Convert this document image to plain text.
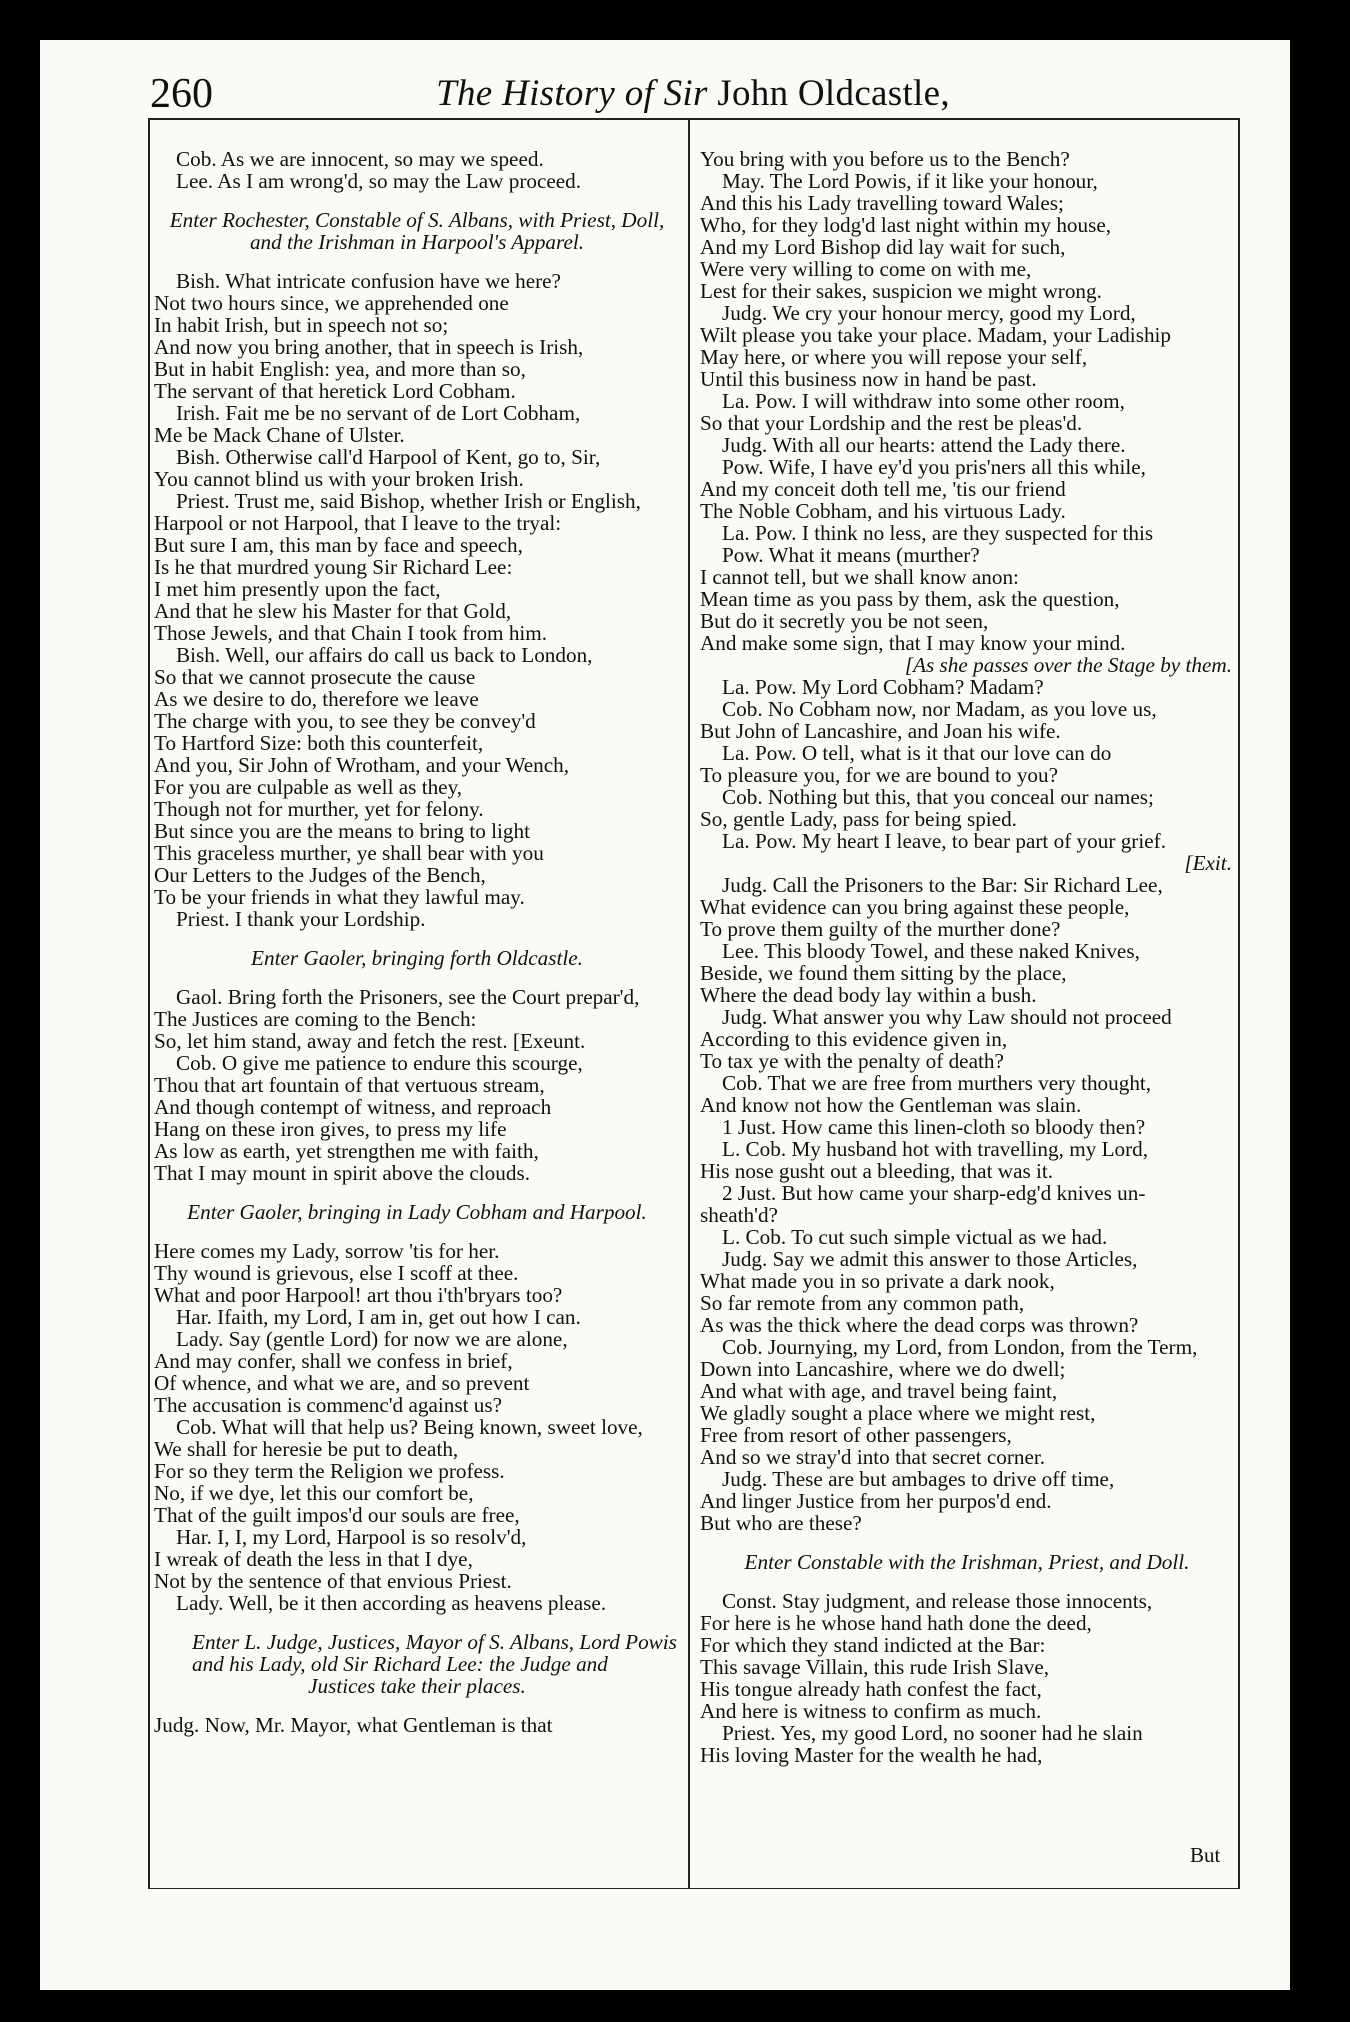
260	The History of Sir John Oldcastle,
Cob. As we are innocent, so may we speed.
Lee. As I am wrong'd, so may the Law proceed.
Enter Rochester, Constable of S. Albans, with Priest, Doll,
and the Irishman in Harpool's Apparel.
Bish. What intricate confusion have we here?
Not two hours since, we apprehended one
In habit Irish, but in speech not so;
And now you bring another, that in speech is Irish,
But in habit English: yea, and more than so,
The servant of that heretick Lord Cobham.
Irish. Fait me be no servant of de Lort Cobham,
Me be Mack Chane of Ulster.
Bish. Otherwise call'd Harpool of Kent, go to, Sir,
You cannot blind us with your broken Irish.
Priest. Trust me, said Bishop, whether Irish or English,
Harpool or not Harpool, that I leave to the tryal:
But sure I am, this man by face and speech,
Is he that murdred young Sir Richard Lee:
I met him presently upon the fact,
And that he slew his Master for that Gold,
Those Jewels, and that Chain I took from him.
Bish. Well, our affairs do call us back to London,
So that we cannot prosecute the cause
As we desire to do, therefore we leave
The charge with you, to see they be convey'd
To Hartford Size: both this counterfeit,
And you, Sir John of Wrotham, and your Wench,
For you are culpable as well as they,
Though not for murther, yet for felony.
But since you are the means to bring to light
This graceless murther, ye shall bear with you
Our Letters to the Judges of the Bench,
To be your friends in what they lawful may.
Priest. I thank your Lordship.
Enter Gaoler, bringing forth Oldcastle.
Gaol. Bring forth the Prisoners, see the Court prepar'd,
The Justices are coming to the Bench:
So, let him stand, away and fetch the rest. [Exeunt.
Cob. O give me patience to endure this scourge,
Thou that art fountain of that vertuous stream,
And though contempt of witness, and reproach
Hang on these iron gives, to press my life
As low as earth, yet strengthen me with faith,
That I may mount in spirit above the clouds.
Enter Gaoler, bringing in Lady Cobham and Harpool.
Here comes my Lady, sorrow 'tis for her.
Thy wound is grievous, else I scoff at thee.
What and poor Harpool! art thou i'th'bryars too?
Har. Ifaith, my Lord, I am in, get out how I can.
Lady. Say (gentle Lord) for now we are alone,
And may confer, shall we confess in brief,
Of whence, and what we are, and so prevent
The accusation is commenc'd against us?
Cob. What will that help us? Being known, sweet love,
We shall for heresie be put to death,
For so they term the Religion we profess.
No, if we dye, let this our comfort be,
That of the guilt impos'd our souls are free,
Har. I, I, my Lord, Harpool is so resolv'd,
I wreak of death the less in that I dye,
Not by the sentence of that envious Priest.
Lady. Well, be it then according as heavens please.
Enter L. Judge, Justices, Mayor of S. Albans, Lord Powis
and his Lady, old Sir Richard Lee: the Judge and
Justices take their places.
Judg. Now, Mr. Mayor, what Gentleman is that
You bring with you before us to the Bench?
May. The Lord Powis, if it like your honour,
And this his Lady travelling toward Wales;
Who, for they lodg'd last night within my house,
And my Lord Bishop did lay wait for such,
Were very willing to come on with me,
Lest for their sakes, suspicion we might wrong.
Judg. We cry your honour mercy, good my Lord,
Wilt please you take your place. Madam, your Ladiship
May here, or where you will repose your self,
Until this business now in hand be past.
La. Pow. I will withdraw into some other room,
So that your Lordship and the rest be pleas'd.
Judg. With all our hearts: attend the Lady there.
Pow. Wife, I have ey'd you pris'ners all this while,
And my conceit doth tell me, 'tis our friend
The Noble Cobham, and his virtuous Lady.
La. Pow. I think no less, are they suspected for this
Pow. What it means (murther?
I cannot tell, but we shall know anon:
Mean time as you pass by them, ask the question,
But do it secretly you be not seen,
And make some sign, that I may know your mind.
[As she passes over the Stage by them.
La. Pow. My Lord Cobham? Madam?
Cob. No Cobham now, nor Madam, as you love us,
But John of Lancashire, and Joan his wife.
La. Pow. O tell, what is it that our love can do
To pleasure you, for we are bound to you?
Cob. Nothing but this, that you conceal our names;
So, gentle Lady, pass for being spied.
La. Pow. My heart I leave, to bear part of your grief.
[Exit.
Judg. Call the Prisoners to the Bar: Sir Richard Lee,
What evidence can you bring against these people,
To prove them guilty of the murther done?
Lee. This bloody Towel, and these naked Knives,
Beside, we found them sitting by the place,
Where the dead body lay within a bush.
Judg. What answer you why Law should not proceed
According to this evidence given in,
To tax ye with the penalty of death?
Cob. That we are free from murthers very thought,
And know not how the Gentleman was slain.
1 Just. How came this linen-cloth so bloody then?
L. Cob. My husband hot with travelling, my Lord,
His nose gusht out a bleeding, that was it.
2 Just. But how came your sharp-edg'd knives un-
sheath'd?
L. Cob. To cut such simple victual as we had.
Judg. Say we admit this answer to those Articles,
What made you in so private a dark nook,
So far remote from any common path,
As was the thick where the dead corps was thrown?
Cob. Journying, my Lord, from London, from the Term,
Down into Lancashire, where we do dwell;
And what with age, and travel being faint,
We gladly sought a place where we might rest,
Free from resort of other passengers,
And so we stray'd into that secret corner.
Judg. These are but ambages to drive off time,
And linger Justice from her purpos'd end.
But who are these?
Enter Constable with the Irishman, Priest, and Doll.
Const. Stay judgment, and release those innocents,
For here is he whose hand hath done the deed,
For which they stand indicted at the Bar:
This savage Villain, this rude Irish Slave,
His tongue already hath confest the fact,
And here is witness to confirm as much.
Priest. Yes, my good Lord, no sooner had he slain
His loving Master for the wealth he had,
But
